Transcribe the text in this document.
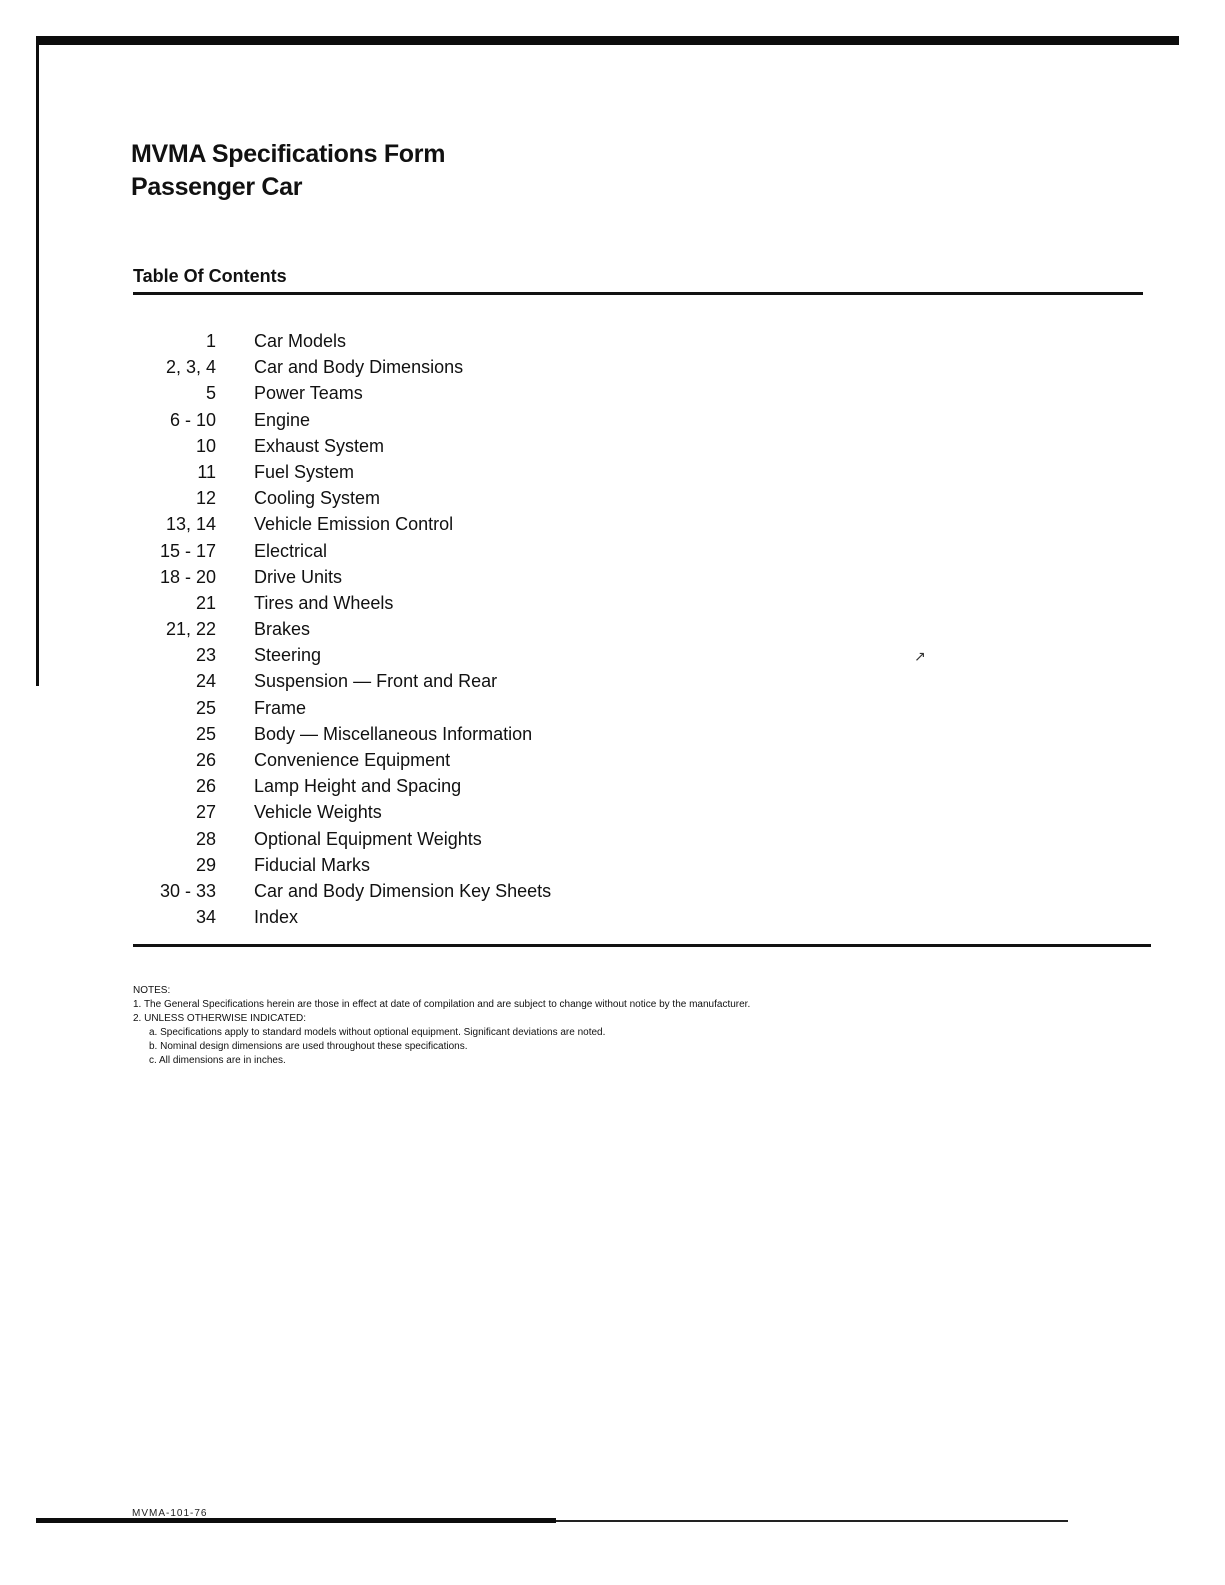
MVMA Specifications Form
Passenger Car
Table Of Contents
1 Car Models
2, 3, 4 Car and Body Dimensions
5 Power Teams
6 - 10 Engine
10 Exhaust System
11 Fuel System
12 Cooling System
13, 14 Vehicle Emission Control
15 - 17 Electrical
18 - 20 Drive Units
21 Tires and Wheels
21, 22 Brakes
23 Steering
24 Suspension — Front and Rear
25 Frame
25 Body — Miscellaneous Information
26 Convenience Equipment
26 Lamp Height and Spacing
27 Vehicle Weights
28 Optional Equipment Weights
29 Fiducial Marks
30 - 33 Car and Body Dimension Key Sheets
34 Index

NOTES:

1. The General Specifications herein are those in effect at date of compilation and are subject to change without notice by the manufacturer.

2. UNLESS OTHERWISE INDICATED:

a. Specifications apply to standard models without optional equipment. Significant deviations are noted.

b. Nominal design dimensions are used throughout these specifications.

c. All dimensions are in inches.

MVMA-101-76
↗
